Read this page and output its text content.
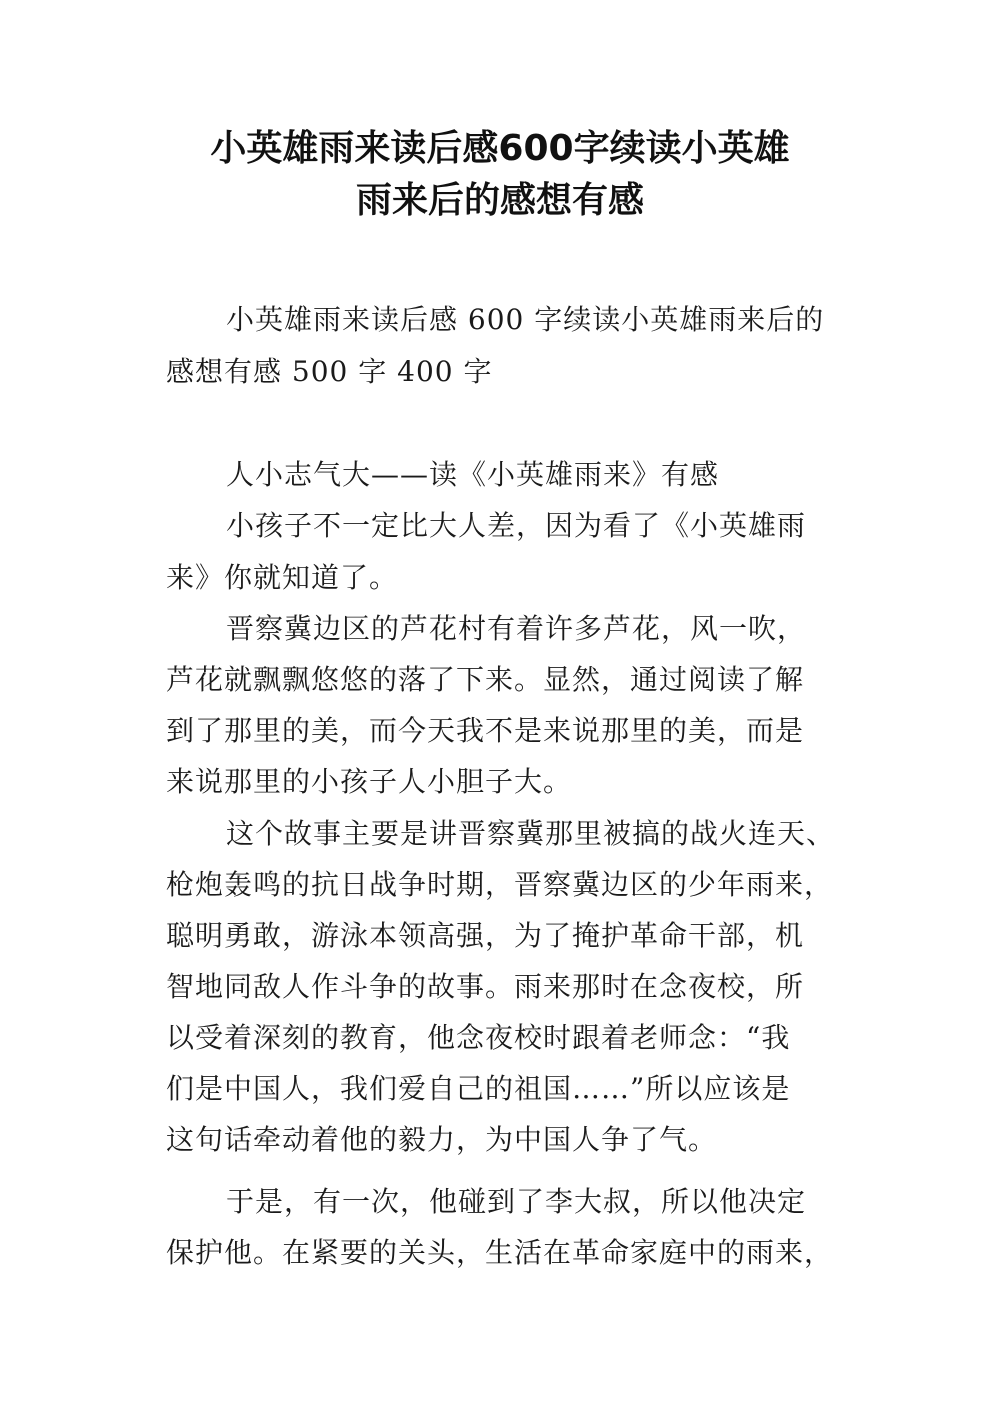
小英雄雨来读后感600字续读小英雄
雨来后的感想有感
小英雄雨来读后感 600 字续读小英雄雨来后的
感想有感 500 字 400 字
人小志气大——读《小英雄雨来》有感
小孩子不一定比大人差，因为看了《小英雄雨
来》你就知道了。
晋察冀边区的芦花村有着许多芦花，风一吹，
芦花就飘飘悠悠的落了下来。显然，通过阅读了解
到了那里的美，而今天我不是来说那里的美，而是
来说那里的小孩子人小胆子大。
这个故事主要是讲晋察冀那里被搞的战火连天、
枪炮轰鸣的抗日战争时期，晋察冀边区的少年雨来，
聪明勇敢，游泳本领高强，为了掩护革命干部，机
智地同敌人作斗争的故事。雨来那时在念夜校，所
以受着深刻的教育，他念夜校时跟着老师念：“我
们是中国人，我们爱自己的祖国……”所以应该是
这句话牵动着他的毅力，为中国人争了气。
于是，有一次，他碰到了李大叔，所以他决定
保护他。在紧要的关头，生活在革命家庭中的雨来，
